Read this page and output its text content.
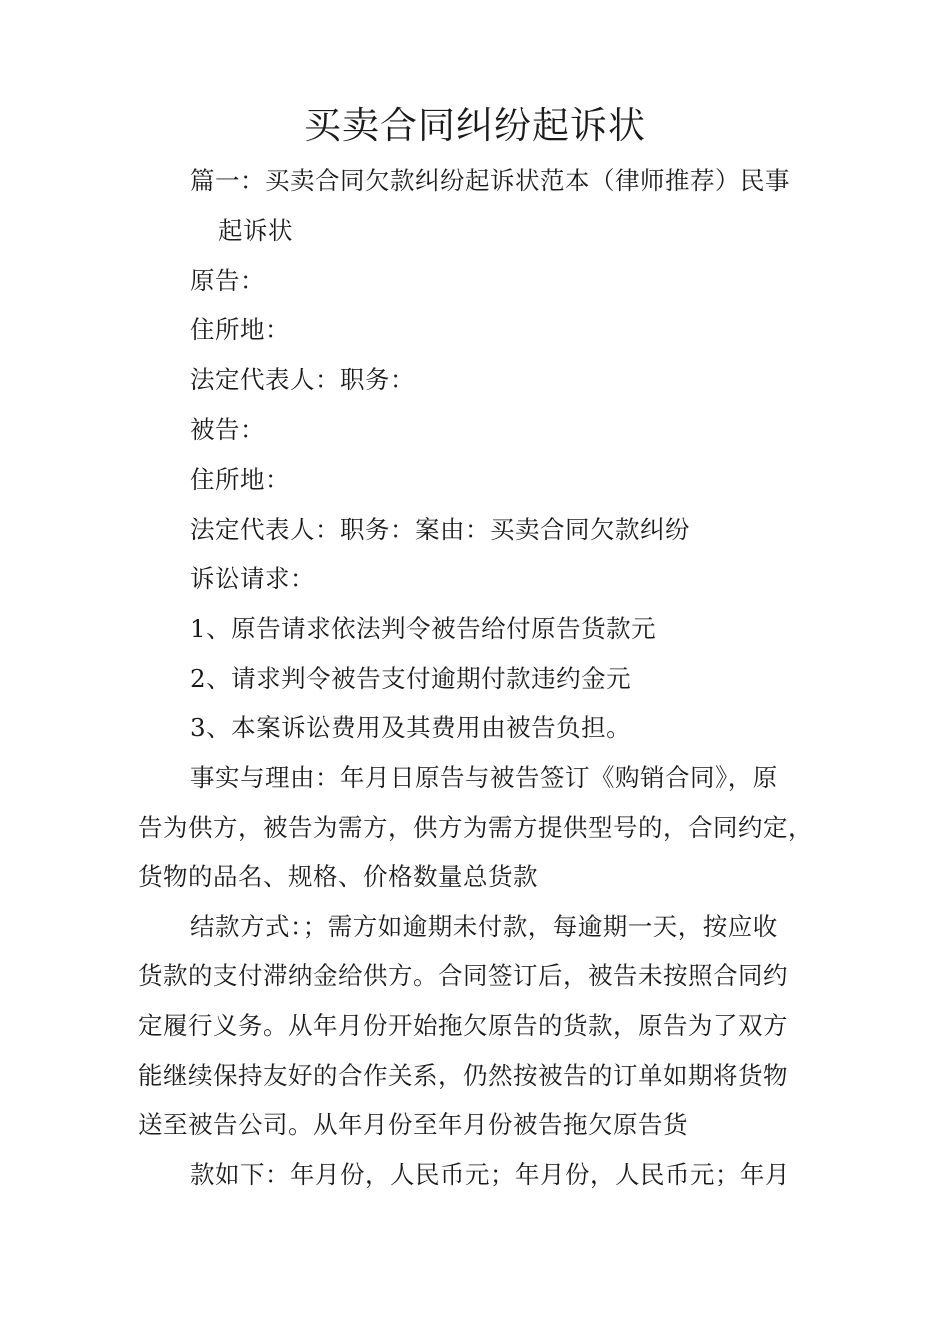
买卖合同纠纷起诉状
篇一：买卖合同欠款纠纷起诉状范本（律师推荐）民事
起诉状
原告：
住所地：
法定代表人：职务：
被告：
住所地：
法定代表人：职务：案由：买卖合同欠款纠纷
诉讼请求：
1、原告请求依法判令被告给付原告货款元
2、请求判令被告支付逾期付款违约金元
3、本案诉讼费用及其费用由被告负担。
事实与理由：年月日原告与被告签订《购销合同》，原
告为供方，被告为需方，供方为需方提供型号的，合同约定，
货物的品名、规格、价格数量总货款
结款方式：；需方如逾期未付款，每逾期一天，按应收
货款的支付滞纳金给供方。合同签订后，被告未按照合同约
定履行义务。从年月份开始拖欠原告的货款，原告为了双方
能继续保持友好的合作关系，仍然按被告的订单如期将货物
送至被告公司。从年月份至年月份被告拖欠原告货
款如下：年月份，人民币元；年月份，人民币元；年月
